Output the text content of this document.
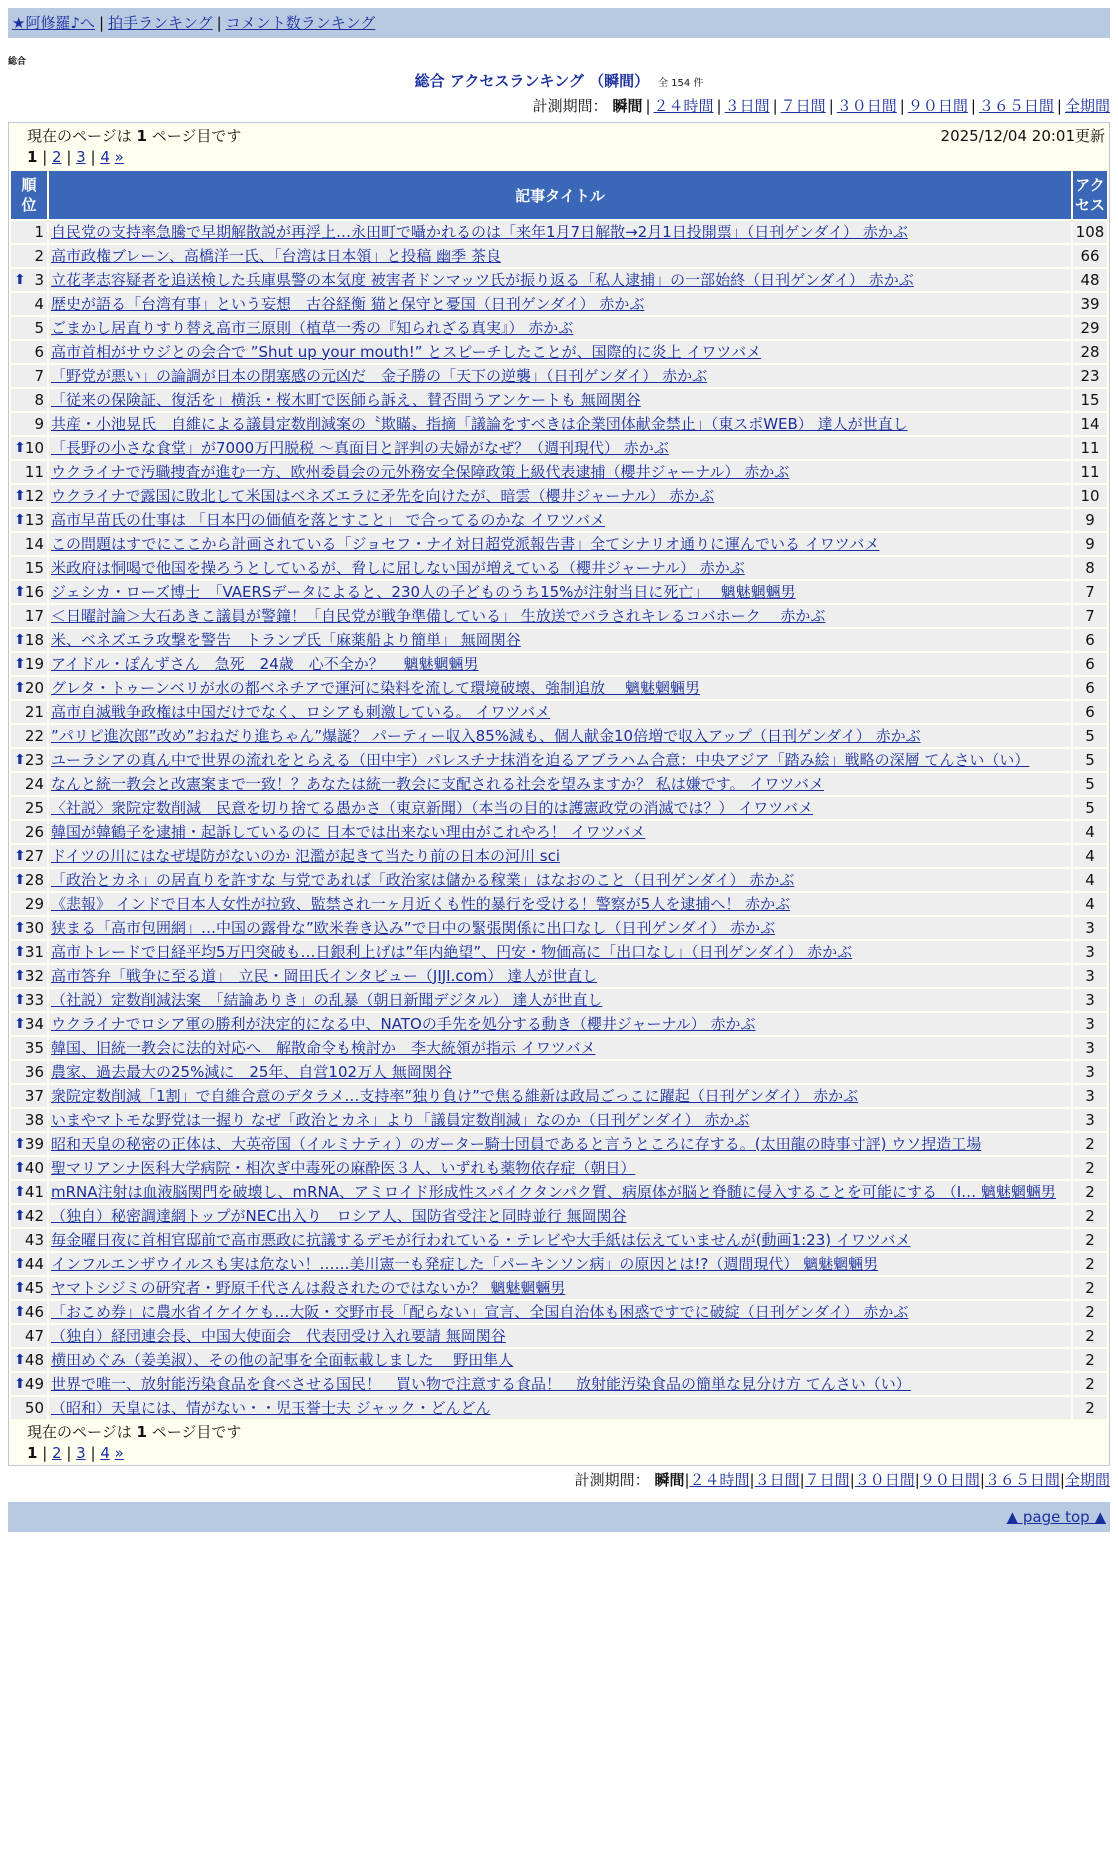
★阿修羅♪へ | 拍手ランキング | コメント数ランキング
総合
総合 アクセスランキング （瞬間） 全 154 件
計測期間： 瞬間 | ２４時間 | ３日間 | ７日間 | ３０日間 | ９０日間 | ３６５日間 | 全期間
現在のページは 1 ページ目です	2025/12/04 20:01更新
1 | 2 | 3 | 4 »
順位	記事タイトル	アクセス
1	自民党の支持率急騰で早期解散説が再浮上…永田町で囁かれるのは「来年1月7日解散→2月1日投開票」（日刊ゲンダイ） 赤かぶ	108
2	高市政権ブレーン、高橋洋一氏、「台湾は日本領」と投稿 幽季 茶良	66

⬆ 3	立花孝志容疑者を追送検した兵庫県警の本気度 被害者ドンマッツ氏が振り返る「私人逮捕」の一部始終（日刊ゲンダイ） 赤かぶ	48
4	歴史が語る「台湾有事」という妄想　古谷経衡 猫と保守と憂国（日刊ゲンダイ） 赤かぶ	39
5	ごまかし居直りすり替え高市三原則（植草一秀の『知られざる真実』） 赤かぶ	29
6	高市首相がサウジとの会合で ”Shut up your mouth!” とスピーチしたことが、国際的に炎上 イワツバメ	28
7	「野党が悪い」の論調が日本の閉塞感の元凶だ　金子勝の「天下の逆襲」（日刊ゲンダイ） 赤かぶ	23
8	「従来の保険証、復活を」横浜・桜木町で医師ら訴え、賛否問うアンケートも 無岡関谷	15
9	共産・小池晃氏　自維による議員定数削減案の〝欺瞞〟指摘「議論をすべきは企業団体献金禁止」（東スポWEB） 達人が世直し	14

⬆ 10	「長野の小さな食堂」が7000万円脱税 〜真面目と評判の夫婦がなぜ？（週刊現代） 赤かぶ	11
11	ウクライナで汚職捜査が進む一方、欧州委員会の元外務安全保障政策上級代表逮捕（櫻井ジャーナル） 赤かぶ	11

⬆ 12	ウクライナで露国に敗北して米国はベネズエラに矛先を向けたが、暗雲（櫻井ジャーナル） 赤かぶ	10

⬆ 13	高市早苗氏の仕事は 「日本円の価値を落とすこと」 で合ってるのかな イワツバメ	9
14	この問題はすでにここから計画されている「ジョセフ・ナイ対日超党派報告書」全てシナリオ通りに運んでいる イワツバメ	9
15	米政府は恫喝で他国を操ろうとしているが、脅しに屈しない国が増えている（櫻井ジャーナル） 赤かぶ	8

⬆ 16	ジェシカ・ローズ博士　「VAERSデータによると、230人の子どものうち15%が注射当日に死亡」　 魑魅魍魎男	7
17	＜日曜討論＞大石あきこ議員が警鐘！「自民党が戦争準備している」 生放送でバラされキレるコバホーク　 赤かぶ	7

⬆ 18	米、ベネズエラ攻撃を警告　トランプ氏「麻薬船より簡単」 無岡関谷	6

⬆ 19	アイドル・ぽんずさん　急死　24歳　心不全か？　 魑魅魍魎男	6

⬆ 20	グレタ・トゥーンベリが水の都ベネチアで運河に染料を流して環境破壊、強制追放　 魑魅魍魎男	6
21	高市自滅戦争政権は中国だけでなく、ロシアも刺激している。 イワツバメ	6
22	”パリピ進次郎”改め”おねだり進ちゃん”爆誕？ パーティー収入85%減も、個人献金10倍増で収入アップ（日刊ゲンダイ） 赤かぶ	5

⬆ 23	ユーラシアの真ん中で世界の流れをとらえる（田中宇）パレスチナ抹消を迫るアブラハム合意：中央アジア「踏み絵」戦略の深層 てんさい（い）	5
24	なんと統一教会と改憲案まで一致！？あなたは統一教会に支配される社会を望みますか？ 私は嫌です。 イワツバメ	5
25	〈社説〉衆院定数削減　民意を切り捨てる愚かさ（東京新聞）（本当の目的は護憲政党の消滅では？） イワツバメ	5
26	韓国が韓鶴子を逮捕・起訴しているのに 日本では出来ない理由がこれやろ！ イワツバメ	4

⬆ 27	ドイツの川にはなぜ堤防がないのか 氾濫が起きて当たり前の日本の河川 sci	4

⬆ 28	「政治とカネ」の居直りを許すな 与党であれば「政治家は儲かる稼業」はなおのこと（日刊ゲンダイ） 赤かぶ	4
29	《悲報》 インドで日本人女性が拉致、監禁され一ヶ月近くも性的暴行を受ける！警察が5人を逮捕へ！ 赤かぶ	4

⬆ 30	狭まる「高市包囲網」…中国の露骨な”欧米巻き込み”で日中の緊張関係に出口なし（日刊ゲンダイ） 赤かぶ	3

⬆ 31	高市トレードで日経平均5万円突破も…日銀利上げは”年内絶望”、円安・物価高に「出口なし」（日刊ゲンダイ） 赤かぶ	3

⬆ 32	高市答弁「戦争に至る道」　立民・岡田氏インタビュー（JIJI.com） 達人が世直し	3

⬆ 33	（社説）定数削減法案　「結論ありき」の乱暴（朝日新聞デジタル） 達人が世直し	3

⬆ 34	ウクライナでロシア軍の勝利が決定的になる中、NATOの手先を処分する動き（櫻井ジャーナル） 赤かぶ	3
35	韓国、旧統一教会に法的対応へ　解散命令も検討か　李大統領が指示 イワツバメ	3
36	農家、過去最大の25%減に　25年、自営102万人 無岡関谷	3
37	衆院定数削減「1割」で自維合意のデタラメ…支持率”独り負け”で焦る維新は政局ごっこに躍起（日刊ゲンダイ） 赤かぶ	3
38	いまやマトモな野党は一握り なぜ「政治とカネ」より「議員定数削減」なのか（日刊ゲンダイ） 赤かぶ	3

⬆ 39	昭和天皇の秘密の正体は、大英帝国（イルミナティ）のガーター騎士団員であると言うところに存する。(太田龍の時事寸評) ウソ捏造工場	2

⬆ 40	聖マリアンナ医科大学病院・相次ぎ中毒死の麻酔医３人、いずれも薬物依存症（朝日）	2

⬆ 41	mRNA注射は血液脳関門を破壊し、mRNA、アミロイド形成性スパイクタンパク質、病原体が脳と脊髄に侵入することを可能にする （I… 魑魅魍魎男	2

⬆ 42	（独自）秘密調達網トップがNEC出入り　ロシア人、国防省受注と同時並行 無岡関谷	2
43	毎金曜日夜に首相官邸前で高市悪政に抗議するデモが行われている・テレビや大手紙は伝えていませんが(動画1:23) イワツバメ	2

⬆ 44	インフルエンザウイルスも実は危ない！……美川憲一も発症した「パーキンソン病」の原因とは!?（週間現代） 魑魅魍魎男	2

⬆ 45	ヤマトシジミの研究者・野原千代さんは殺されたのではないか？ 魑魅魍魎男	2

⬆ 46	「おこめ券」に農水省イケイケも…大阪・交野市長「配らない」宣言、全国自治体も困惑ですでに破綻（日刊ゲンダイ） 赤かぶ	2
47	（独自）経団連会長、中国大使面会　代表団受け入れ要請 無岡関谷	2

⬆ 48	横田めぐみ（姜美淑）、その他の記事を全面転載しました　 野田隼人	2

⬆ 49	世界で唯一、放射能汚染食品を食べさせる国民！　買い物で注意する食品！　放射能汚染食品の簡単な見分け方 てんさい（い）	2
50	（昭和）天皇には、情がない・・児玉誉士夫 ジャック・どんどん	2
現在のページは 1 ページ目です
1 | 2 | 3 | 4 »
計測期間： 瞬間|２４時間|３日間|７日間|３０日間|９０日間|３６５日間|全期間
▲ page top ▲
